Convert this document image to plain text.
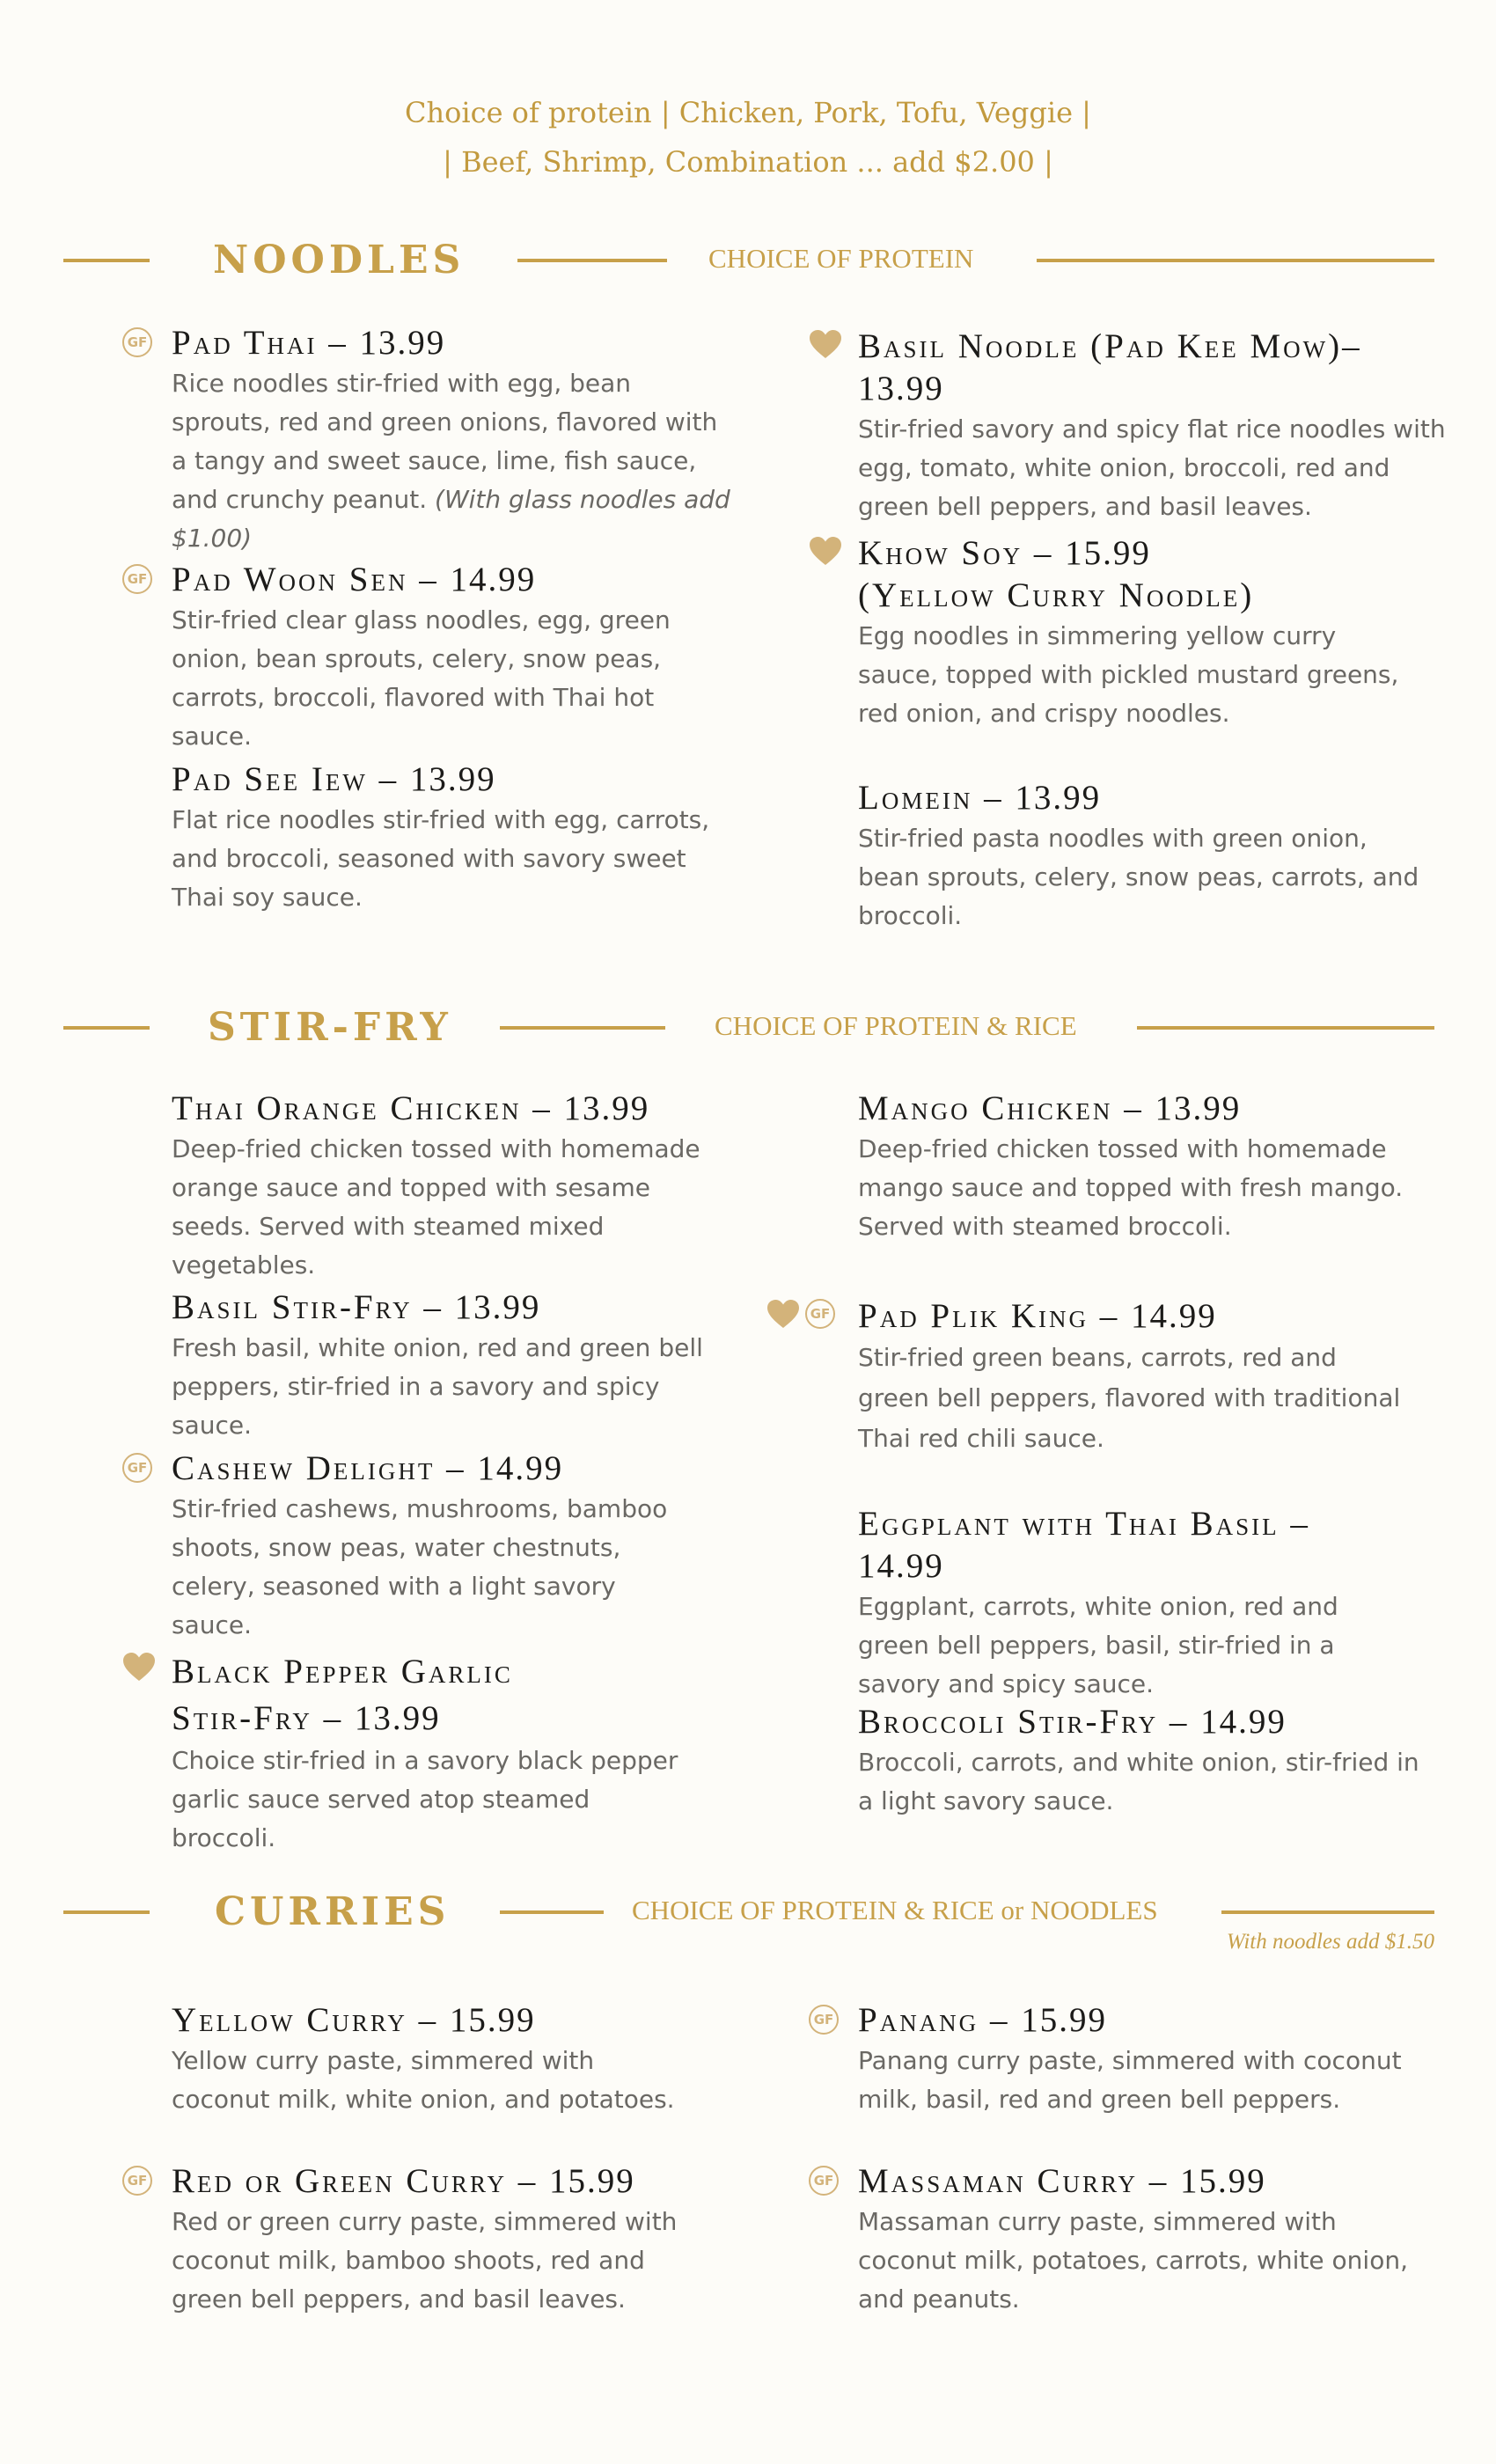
Choice of protein | Chicken, Pork, Tofu, Veggie |
| Beef, Shrimp, Combination ... add $2.00 |
NOODLES	CHOICE OF PROTEIN
GF Pad Thai – 13.99
Rice noodles stir-fried with egg, bean sprouts, red and green onions, flavored with a tangy and sweet sauce, lime, fish sauce, and crunchy peanut. (With glass noodles add $1.00)
GF Pad Woon Sen – 14.99
Stir-fried clear glass noodles, egg, green onion, bean sprouts, celery, snow peas, carrots, broccoli, flavored with Thai hot sauce.
Pad See Iew – 13.99
Flat rice noodles stir-fried with egg, carrots, and broccoli, seasoned with savory sweet Thai soy sauce.
Basil Noodle (Pad Kee Mow)– 13.99
Stir-fried savory and spicy flat rice noodles with egg, tomato, white onion, broccoli, red and green bell peppers, and basil leaves.
Khow Soy – 15.99
(Yellow Curry Noodle)
Egg noodles in simmering yellow curry sauce, topped with pickled mustard greens, red onion, and crispy noodles.
Lomein – 13.99
Stir-fried pasta noodles with green onion, bean sprouts, celery, snow peas, carrots, and broccoli.
STIR-FRY	CHOICE OF PROTEIN & RICE
Thai Orange Chicken – 13.99
Deep-fried chicken tossed with homemade orange sauce and topped with sesame seeds. Served with steamed mixed vegetables.
Basil Stir-Fry – 13.99
Fresh basil, white onion, red and green bell peppers, stir-fried in a savory and spicy sauce.
GF Cashew Delight – 14.99
Stir-fried cashews, mushrooms, bamboo shoots, snow peas, water chestnuts, celery, seasoned with a light savory sauce.
Black Pepper Garlic
Stir-Fry – 13.99
Choice stir-fried in a savory black pepper garlic sauce served atop steamed broccoli.
Mango Chicken – 13.99
Deep-fried chicken tossed with homemade mango sauce and topped with fresh mango. Served with steamed broccoli.
GF Pad Plik King – 14.99
Stir-fried green beans, carrots, red and green bell peppers, flavored with traditional Thai red chili sauce.
Eggplant with Thai Basil – 14.99
Eggplant, carrots, white onion, red and green bell peppers, basil, stir-fried in a savory and spicy sauce.
Broccoli Stir-Fry – 14.99
Broccoli, carrots, and white onion, stir-fried in a light savory sauce.
CURRIES	CHOICE OF PROTEIN & RICE or NOODLES
With noodles add $1.50
Yellow Curry – 15.99
Yellow curry paste, simmered with coconut milk, white onion, and potatoes.
GF Red or Green Curry – 15.99
Red or green curry paste, simmered with coconut milk, bamboo shoots, red and green bell peppers, and basil leaves.
GF Panang – 15.99
Panang curry paste, simmered with coconut milk, basil, red and green bell peppers.
GF Massaman Curry – 15.99
Massaman curry paste, simmered with coconut milk, potatoes, carrots, white onion, and peanuts.
